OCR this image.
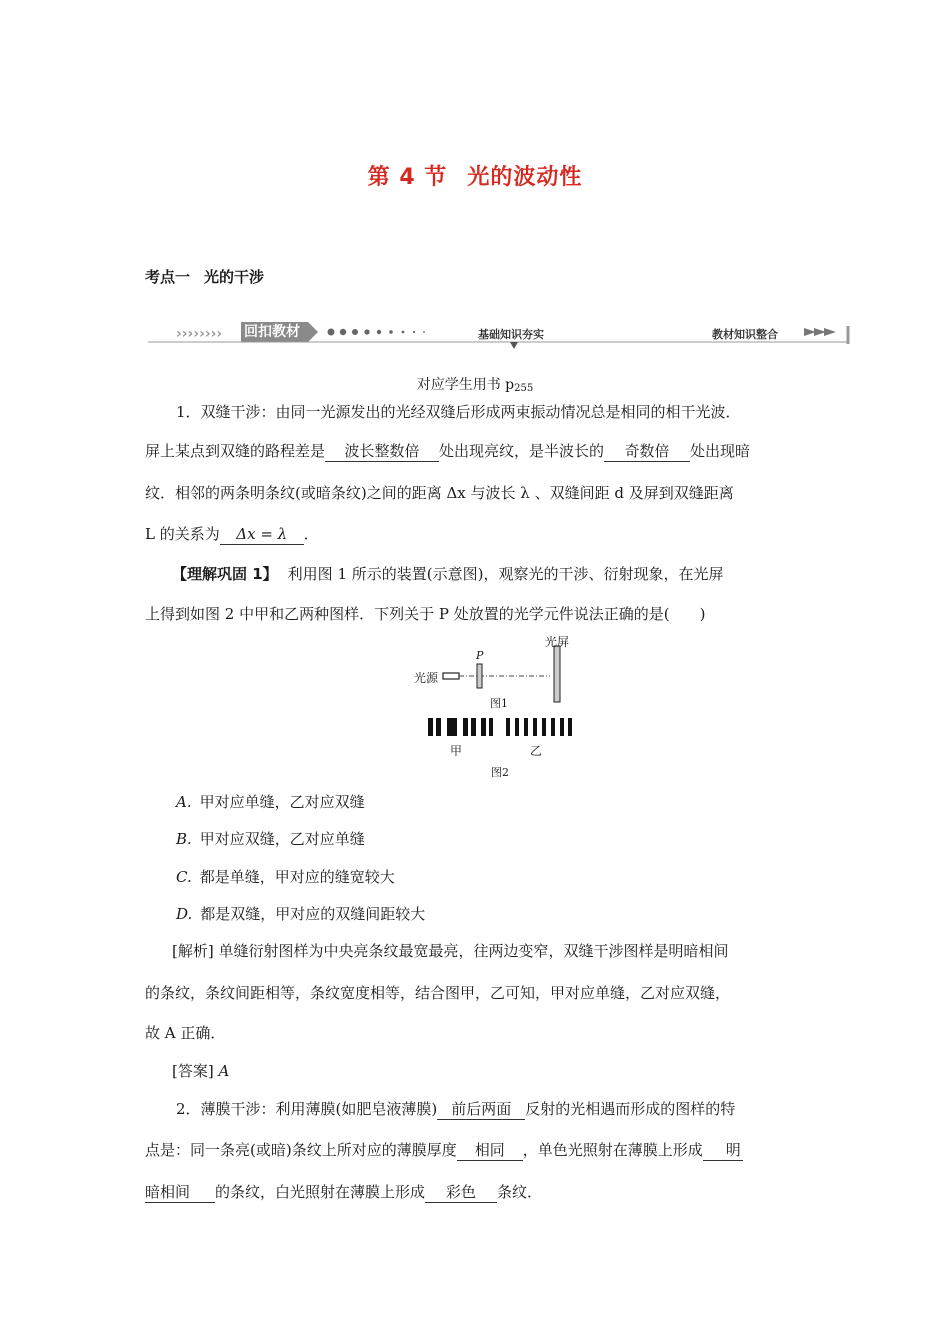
第 4 节 光的波动性
考点一 光的干涉
›››››››› 回扣教材	基础知识夯实	教材知识整合
对应学生用书 $p_{255}$
1．双缝干涉：由同一光源发出的光经双缝后形成两束振动情况总是相同的相干光波．
屏上某点到双缝的路程差是 波长整数倍 处出现亮纹，是半波长的 奇数倍 处出现暗
纹．相邻的两条明条纹(或暗条纹)之间的距离 Δx 与波长 λ 、双缝间距 d 及屏到双缝距离
L 的关系为 Δx = λ ．
【理解巩固 1】 利用图 1 所示的装置(示意图)，观察光的干涉、衍射现象，在光屏
上得到如图 2 中甲和乙两种图样．下列关于 P 处放置的光学元件说法正确的是(　　)
光源
P
光屏
图1
甲	乙
图2
A. 甲对应单缝，乙对应双缝
B. 甲对应双缝，乙对应单缝
C. 都是单缝，甲对应的缝宽较大
D. 都是双缝，甲对应的双缝间距较大
[解析] 单缝衍射图样为中央亮条纹最宽最亮，往两边变窄，双缝干涉图样是明暗相间
的条纹，条纹间距相等，条纹宽度相等，结合图甲，乙可知，甲对应单缝，乙对应双缝，
故 A 正确．
[答案] A
2．薄膜干涉：利用薄膜(如肥皂液薄膜) 前后两面 反射的光相遇而形成的图样的特
点是：同一条亮(或暗)条纹上所对应的薄膜厚度 相同 ，单色光照射在薄膜上形成 明
暗相间 的条纹，白光照射在薄膜上形成 彩色 条纹．
